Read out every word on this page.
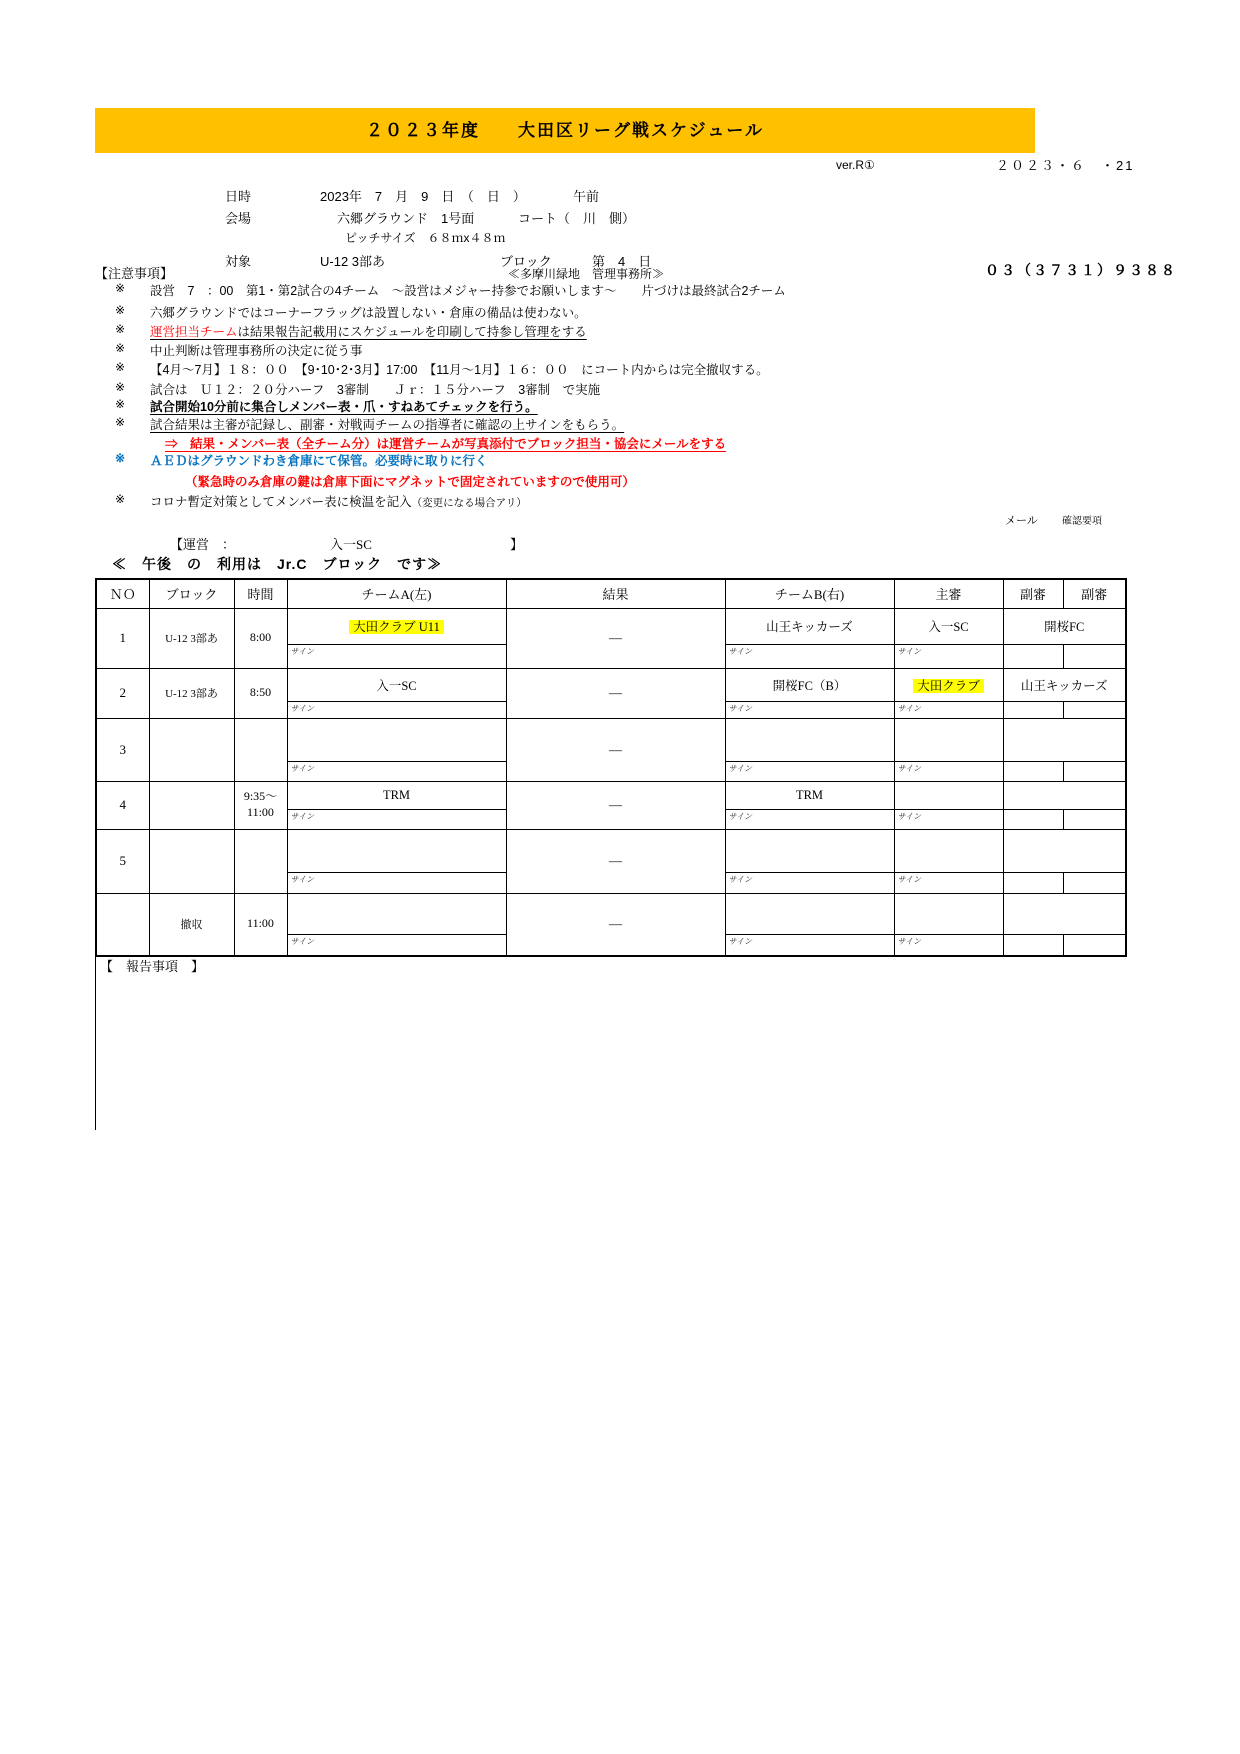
２０２３年度　　大田区リーグ戦スケジュール
ver.R①	２０２３・６　・21
日時	2023年　7　月　9　日　（　日　）	午前
会場	六郷グラウンド　1号面	コート（　川　側）
ピッチサイズ　６８ｍx４８ｍ
対象	U-12 3部あ	ブロック	第　4　日
【注意事項】	≪多摩川緑地　管理事務所≫	０３（３７３１）９３８８
※ 設営　7　：00　第1・第2試合の4チーム　～設営はメジャー持参でお願いします～　　片づけは最終試合2チーム
※ 六郷グラウンドではコーナーフラッグは設置しない・倉庫の備品は使わない。
※ 運営担当チームは結果報告記載用にスケジュールを印刷して持参し管理をする
※ 中止判断は管理事務所の決定に従う事
※ 【4月～7月】１８：００　【9･10･2･3月】17:00　【11月～1月】１６：００　にコート内からは完全撤収する。
※ 試合は　Ｕ１２：２０分ハーフ　3審制　　Ｊｒ：１５分ハーフ　3審制　で実施
※ 試合開始10分前に集合しメンバー表・爪・すねあてチェックを行う。
※ 試合結果は主審が記録し、副審・対戦両チームの指導者に確認の上サインをもらう。
⇒　結果・メンバー表（全チーム分）は運営チームが写真添付でブロック担当・協会にメールをする
※ ＡＥＤはグラウンドわき倉庫にて保管。必要時に取りに行く
（緊急時のみ倉庫の鍵は倉庫下面にマグネットで固定されていますので使用可）
※ コロナ暫定対策としてメンバー表に検温を記入（変更になる場合アリ）
メール 確認要項
【運営　：	入一SC	】
≪　午後　の　利用は　Jr.C　ブロック　です≫
ＮＯ	ブロック	時間	チームA(左)	結果	チームB(右)	主審	副審	副審
1	U-12 3部あ	8:00	大田クラブ U11	―	山王キッカーズ	入一SC	開桜FC	
			サイン		サイン	サイン		
2	U-12 3部あ	8:50	入一SC	―	開桜FC（B）	大田クラブ	山王キッカーズ	
			サイン		サイン	サイン		
3				―				
			サイン		サイン	サイン		
4		9:35～ 11:00	TRM	―	TRM			
			サイン		サイン	サイン		
5				―				
			サイン		サイン	サイン		
	撤収	11:00		―				
			サイン		サイン	サイン		
【　報告事項　】
